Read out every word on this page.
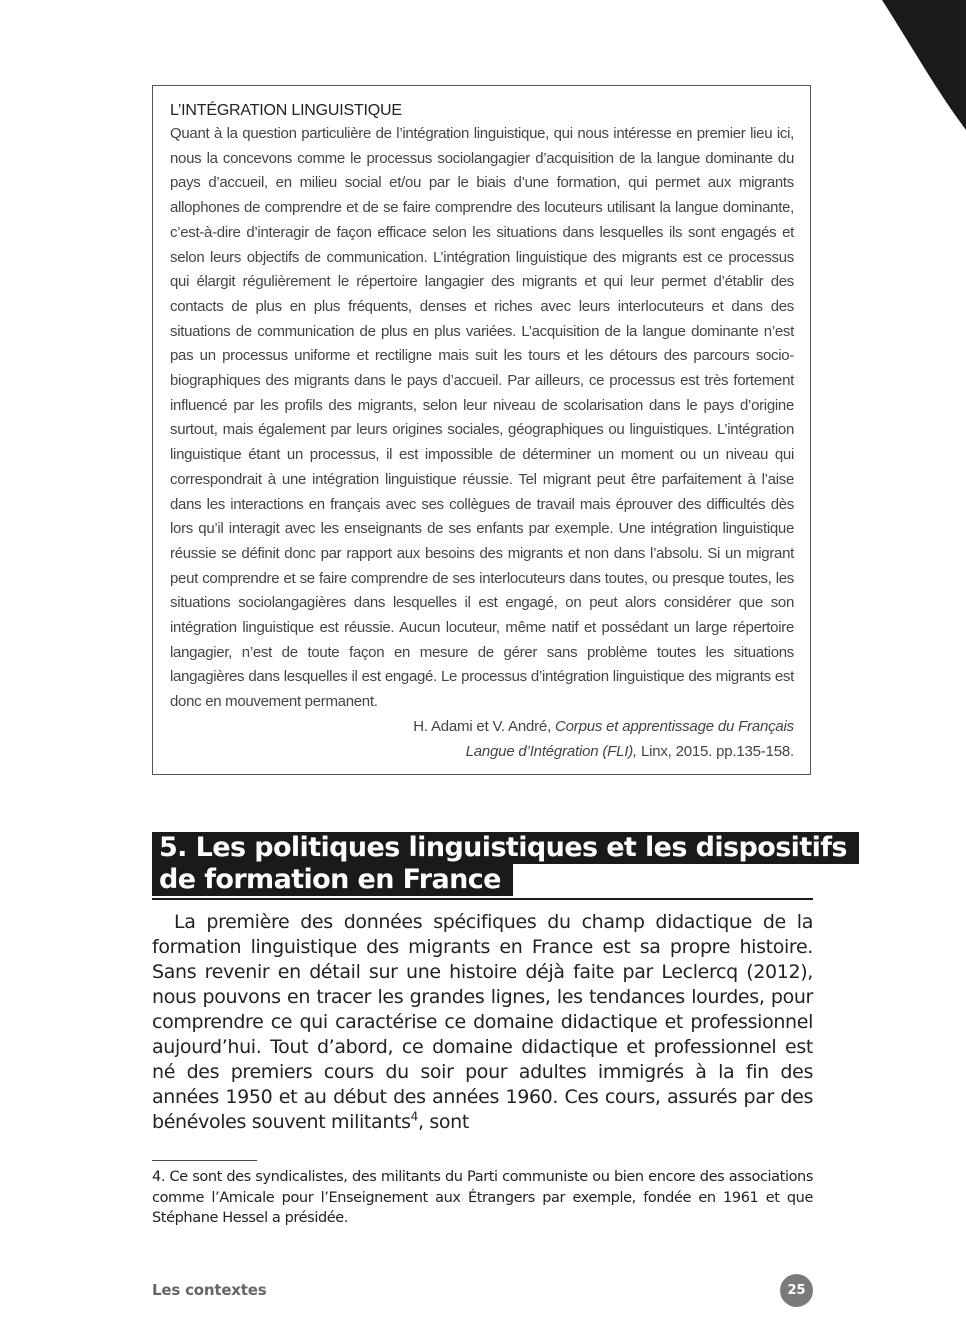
1
L’INTÉGRATION LINGUISTIQUE

Quant à la question particulière de l’intégration linguistique, qui nous intéresse en premier lieu ici, nous la concevons comme le processus sociolangagier d’acquisition de la langue dominante du pays d’accueil, en milieu social et/ou par le biais d’une formation, qui permet aux migrants allophones de comprendre et de se faire comprendre des locuteurs utilisant la langue dominante, c’est-à-dire d’interagir de façon efficace selon les situations dans lesquelles ils sont engagés et selon leurs objectifs de communication. L’intégration linguistique des migrants est ce processus qui élargit régulièrement le répertoire langagier des migrants et qui leur permet d’établir des contacts de plus en plus fréquents, denses et riches avec leurs interlocuteurs et dans des situations de communication de plus en plus variées. L’acquisition de la langue dominante n’est pas un processus uniforme et rectiligne mais suit les tours et les détours des parcours socio-biographiques des migrants dans le pays d’accueil. Par ailleurs, ce processus est très fortement influencé par les profils des migrants, selon leur niveau de scolarisation dans le pays d’origine surtout, mais également par leurs origines sociales, géographiques ou linguistiques. L’intégration linguistique étant un processus, il est impossible de déterminer un moment ou un niveau qui correspondrait à une intégration linguistique réussie. Tel migrant peut être parfaitement à l’aise dans les interactions en français avec ses collègues de travail mais éprouver des difficultés dès lors qu’il interagit avec les enseignants de ses enfants par exemple. Une intégration linguistique réussie se définit donc par rapport aux besoins des migrants et non dans l’absolu. Si un migrant peut comprendre et se faire comprendre de ses interlocuteurs dans toutes, ou presque toutes, les situations sociolangagières dans lesquelles il est engagé, on peut alors considérer que son intégration linguistique est réussie. Aucun locuteur, même natif et possédant un large répertoire langagier, n’est de toute façon en mesure de gérer sans problème toutes les situations langagières dans lesquelles il est engagé. Le processus d’intégration linguistique des migrants est donc en mouvement permanent.

H. Adami et V. André, Corpus et apprentissage du Français
Langue d’Intégration (FLI), Linx, 2015. pp.135-158.

5. Les politiques linguistiques et les dispositifs
de formation en France

La première des données spécifiques du champ didactique de la formation linguistique des migrants en France est sa propre histoire. Sans revenir en détail sur une histoire déjà faite par Leclercq (2012), nous pouvons en tracer les grandes lignes, les tendances lourdes, pour comprendre ce qui caractérise ce domaine didactique et professionnel aujourd’hui. Tout d’abord, ce domaine didactique et professionnel est né des premiers cours du soir pour adultes immigrés à la fin des années 1950 et au début des années 1960. Ces cours, assurés par des bénévoles souvent militants$^4$, sont

4. Ce sont des syndicalistes, des militants du Parti communiste ou bien encore des associations comme l’Amicale pour l’Enseignement aux Étrangers par exemple, fondée en 1961 et que Stéphane Hessel a présidée.

Les contextes	25
